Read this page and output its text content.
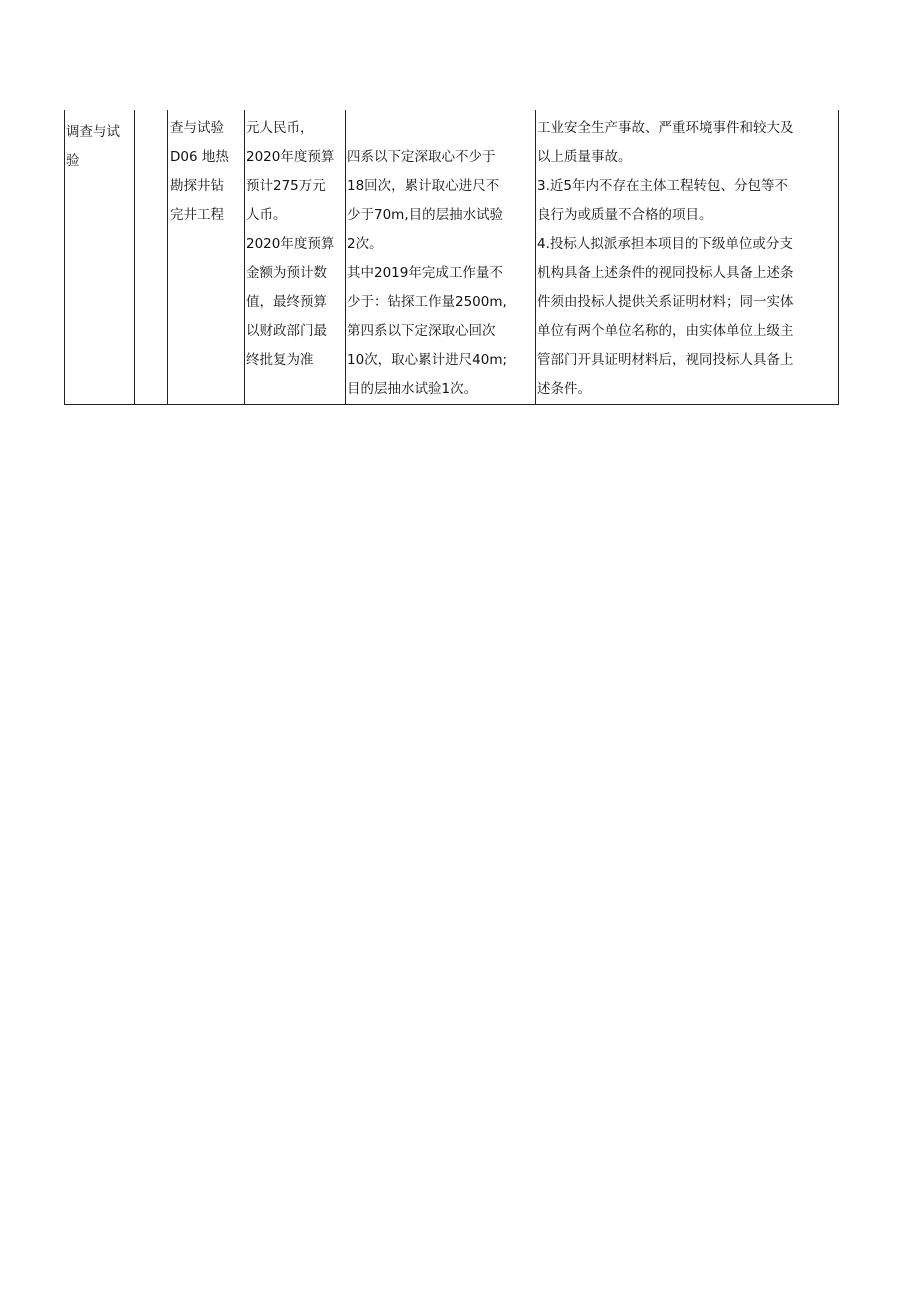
调查与试
验

查与试验
D06 地热
勘探井钻
完井工程

元人民币，
2020年度预算
预计275万元
人币。
2020年度预算
金额为预计数
值，最终预算
以财政部门最
终批复为准

四系以下定深取心不少于
18回次，累计取心进尺不
少于70m,目的层抽水试验
2次。
其中2019年完成工作量不
少于：钻探工作量2500m,
第四系以下定深取心回次
10次，取心累计进尺40m;
目的层抽水试验1次。

工业安全生产事故、严重环境事件和较大及
以上质量事故。
3.近5年内不存在主体工程转包、分包等不
良行为或质量不合格的项目。
4.投标人拟派承担本项目的下级单位或分支
机构具备上述条件的视同投标人具备上述条
件须由投标人提供关系证明材料；同一实体
单位有两个单位名称的，由实体单位上级主
管部门开具证明材料后，视同投标人具备上
述条件。
